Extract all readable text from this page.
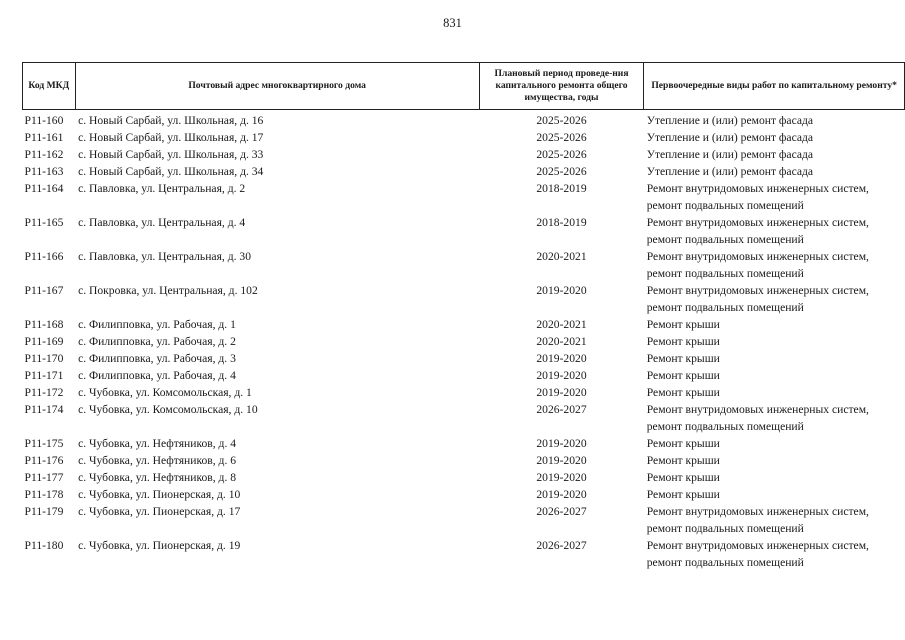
831
Код МКД	Почтовый адрес многоквартирного дома	Плановый период проведе-ния капитального ремонта общего имущества, годы	Первоочередные виды работ по капитальному ремонту*
Р11-160	с. Новый Сарбай, ул. Школьная, д. 16	2025-2026	Утепление и (или) ремонт фасада

Р11-161	с. Новый Сарбай, ул. Школьная, д. 17	2025-2026	Утепление и (или) ремонт фасада

Р11-162	с. Новый Сарбай, ул. Школьная, д. 33	2025-2026	Утепление и (или) ремонт фасада

Р11-163	с. Новый Сарбай, ул. Школьная, д. 34	2025-2026	Утепление и (или) ремонт фасада

Р11-164	с. Павловка, ул. Центральная, д. 2	2018-2019	Ремонт внутридомовых инженерных систем,
ремонт подвальных помещений

Р11-165	с. Павловка, ул. Центральная, д. 4	2018-2019	Ремонт внутридомовых инженерных систем,
ремонт подвальных помещений

Р11-166	с. Павловка, ул. Центральная, д. 30	2020-2021	Ремонт внутридомовых инженерных систем,
ремонт подвальных помещений

Р11-167	с. Покровка, ул. Центральная, д. 102	2019-2020	Ремонт внутридомовых инженерных систем,
ремонт подвальных помещений

Р11-168	с. Филипповка, ул. Рабочая, д. 1	2020-2021	Ремонт крыши

Р11-169	с. Филипповка, ул. Рабочая, д. 2	2020-2021	Ремонт крыши

Р11-170	с. Филипповка, ул. Рабочая, д. 3	2019-2020	Ремонт крыши

Р11-171	с. Филипповка, ул. Рабочая, д. 4	2019-2020	Ремонт крыши

Р11-172	с. Чубовка, ул. Комсомольская, д. 1	2019-2020	Ремонт крыши

Р11-174	с. Чубовка, ул. Комсомольская, д. 10	2026-2027	Ремонт внутридомовых инженерных систем,
ремонт подвальных помещений

Р11-175	с. Чубовка, ул. Нефтяников, д. 4	2019-2020	Ремонт крыши

Р11-176	с. Чубовка, ул. Нефтяников, д. 6	2019-2020	Ремонт крыши

Р11-177	с. Чубовка, ул. Нефтяников, д. 8	2019-2020	Ремонт крыши

Р11-178	с. Чубовка, ул. Пионерская, д. 10	2019-2020	Ремонт крыши

Р11-179	с. Чубовка, ул. Пионерская, д. 17	2026-2027	Ремонт внутридомовых инженерных систем,
ремонт подвальных помещений

Р11-180	с. Чубовка, ул. Пионерская, д. 19	2026-2027	Ремонт внутридомовых инженерных систем,
ремонт подвальных помещений
